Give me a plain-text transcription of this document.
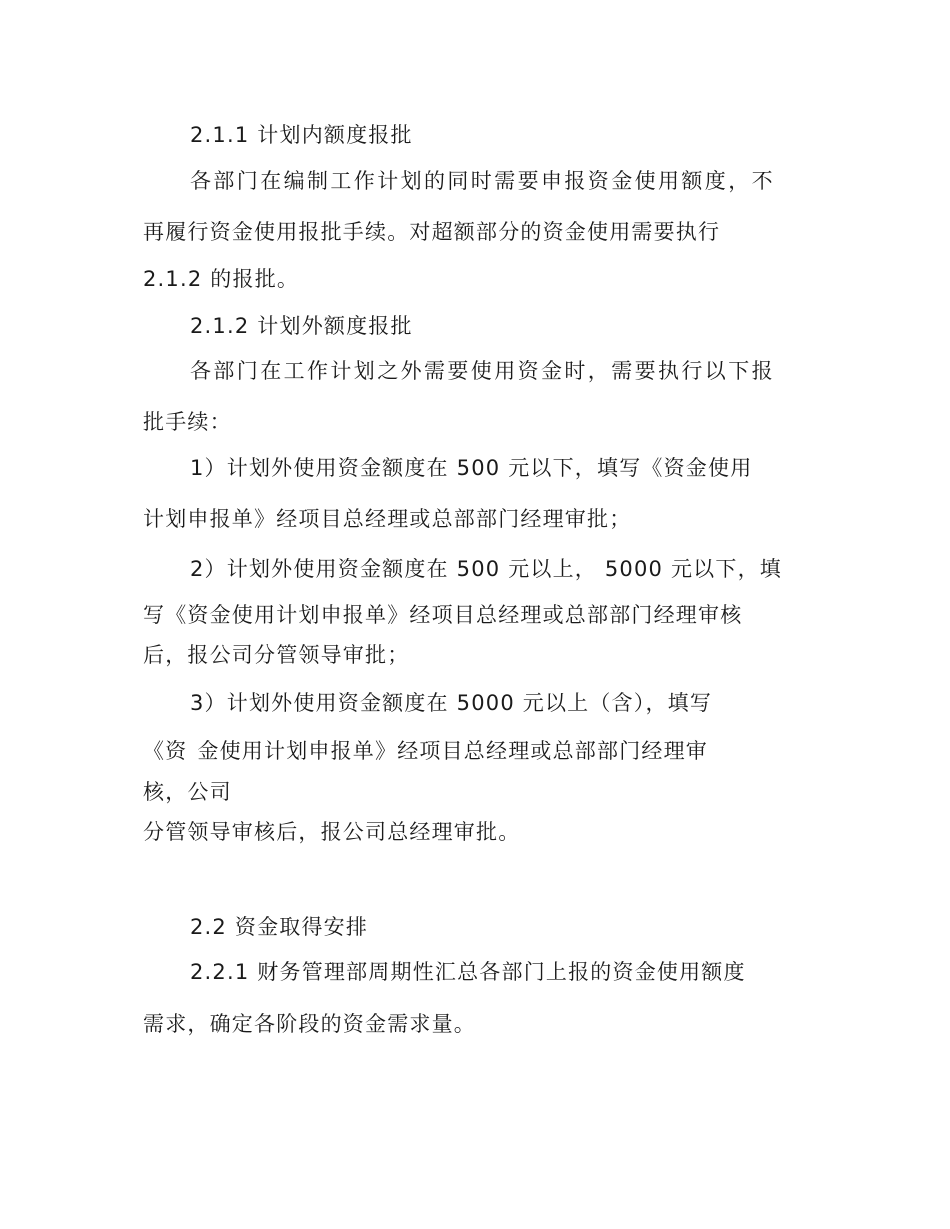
2.1.1 计划内额度报批
各部门在编制工作计划的同时需要申报资金使用额度，不
再履行资金使用报批手续。对超额部分的资金使用需要执行
2.1.2 的报批。
2.1.2 计划外额度报批
各部门在工作计划之外需要使用资金时，需要执行以下报
批手续：
1）计划外使用资金额度在 500 元以下，填写《资金使用
计划申报单》经项目总经理或总部部门经理审批；
2）计划外使用资金额度在 500 元以上， 5000 元以下，填
写《资金使用计划申报单》经项目总经理或总部部门经理审核
后，报公司分管领导审批；
3）计划外使用资金额度在 5000 元以上（含），填写
《资 金使用计划申报单》经项目总经理或总部部门经理审
核，公司
分管领导审核后，报公司总经理审批。
2.2 资金取得安排
2.2.1 财务管理部周期性汇总各部门上报的资金使用额度
需求，确定各阶段的资金需求量。
